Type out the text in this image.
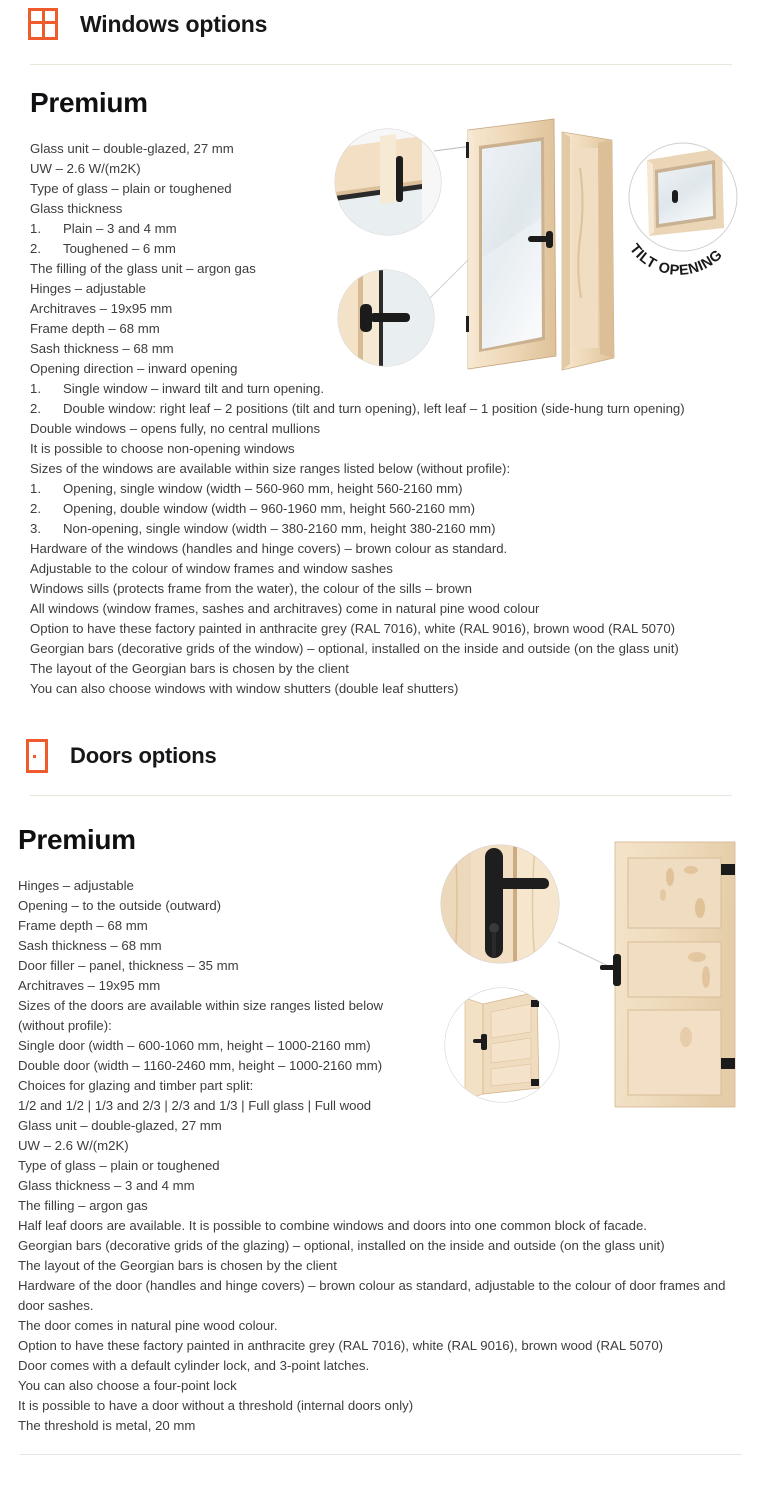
Windows options
Premium
Glass unit – double-glazed, 27 mm
UW – 2.6 W/(m2K)
Type of glass – plain or toughened
Glass thickness
1.	Plain – 3 and 4 mm
2.	Toughened – 6 mm
The filling of the glass unit – argon gas
Hinges – adjustable
Architraves – 19x95 mm
Frame depth – 68 mm
Sash thickness – 68 mm
Opening direction – inward opening
1.	Single window – inward tilt and turn opening.
2.	Double window: right leaf – 2 positions (tilt and turn opening), left leaf – 1 position (side-hung turn opening)
Double windows – opens fully, no central mullions
It is possible to choose non-opening windows
Sizes of the windows are available within size ranges listed below (without profile):
1.	Opening, single window (width – 560-960 mm, height 560-2160 mm)
2.	Opening, double window (width – 960-1960 mm, height 560-2160 mm)
3.	Non-opening, single window (width – 380-2160 mm, height 380-2160 mm)
Hardware of the windows (handles and hinge covers) – brown colour as standard.
Adjustable to the colour of window frames and window sashes
Windows sills (protects frame from the water), the colour of the sills – brown
All windows (window frames, sashes and architraves) come in natural pine wood colour
Option to have these factory painted in anthracite grey (RAL 7016), white (RAL 9016), brown wood (RAL 5070)
Georgian bars (decorative grids of the window) – optional, installed on the inside and outside (on the glass unit)
The layout of the Georgian bars is chosen by the client
You can also choose windows with window shutters (double leaf shutters)
TILT OPENING
Doors options
Premium
Hinges – adjustable
Opening – to the outside (outward)
Frame depth – 68 mm
Sash thickness – 68 mm
Door filler – panel, thickness – 35 mm
Architraves – 19x95 mm
Sizes of the doors are available within size ranges listed below (without profile):
Single door (width – 600-1060 mm, height – 1000-2160 mm)
Double door (width – 1160-2460 mm, height – 1000-2160 mm)
Choices for glazing and timber part split:
1/2 and 1/2 | 1/3 and 2/3 | 2/3 and 1/3 | Full glass | Full wood
Glass unit – double-glazed, 27 mm
UW – 2.6 W/(m2K)
Type of glass – plain or toughened
Glass thickness – 3 and 4 mm
The filling – argon gas
Half leaf doors are available. It is possible to combine windows and doors into one common block of facade.
Georgian bars (decorative grids of the glazing) – optional, installed on the inside and outside (on the glass unit)
The layout of the Georgian bars is chosen by the client
Hardware of the door (handles and hinge covers) – brown colour as standard, adjustable to the colour of door frames and door sashes.
The door comes in natural pine wood colour.
Option to have these factory painted in anthracite grey (RAL 7016), white (RAL 9016), brown wood (RAL 5070)
Door comes with a default cylinder lock, and 3-point latches.
You can also choose a four-point lock
It is possible to have a door without a threshold (internal doors only)
The threshold is metal, 20 mm
